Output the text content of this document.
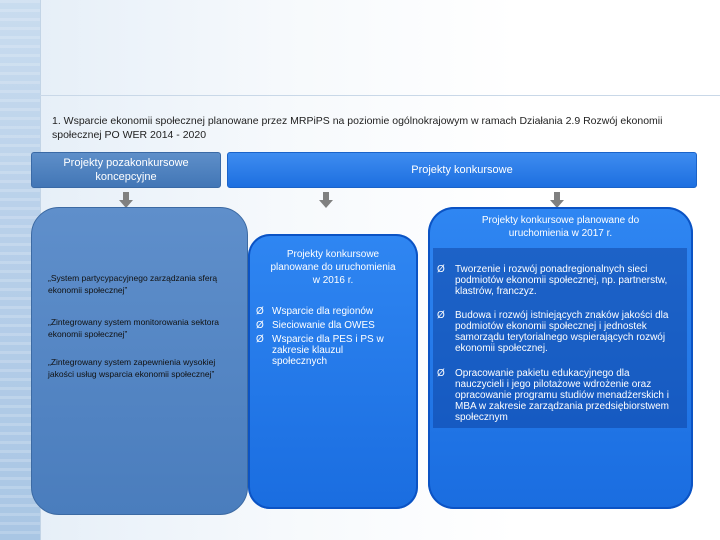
1. Wsparcie ekonomii społecznej planowane przez MRPiPS na poziomie ogólnokrajowym w ramach Działania 2.9 Rozwój ekonomii społecznej PO WER 2014 - 2020
Projekty pozakonkursowe koncepcyjne
Projekty konkursowe

„System partycypacyjnego zarządzania sferą ekonomii społecznej”

„Zintegrowany system monitorowania sektora ekonomii społecznej”

„Zintegrowany system zapewnienia wysokiej jakości usług wsparcia ekonomii społecznej”

Projekty konkursowe planowane do uruchomienia w 2017 r.
Projekty konkursowe planowane do uruchomienia w 2016 r.
Ø Wsparcie dla regionów
Ø Sieciowanie dla OWES
Ø Wsparcie dla PES i PS w zakresie klauzul społecznych
Ø	Tworzenie i rozwój ponadregionalnych sieci podmiotów ekonomii społecznej, np. partnerstw, klastrów, franczyz.
Ø	Budowa i rozwój istniejących znaków jakości dla podmiotów ekonomii społecznej i jednostek samorządu terytorialnego wspierających rozwój ekonomii społecznej.
Ø	Opracowanie pakietu edukacyjnego dla nauczycieli i jego pilotażowe wdrożenie oraz opracowanie programu studiów menadżerskich i MBA w zakresie zarządzania przedsiębiorstwem społecznym
